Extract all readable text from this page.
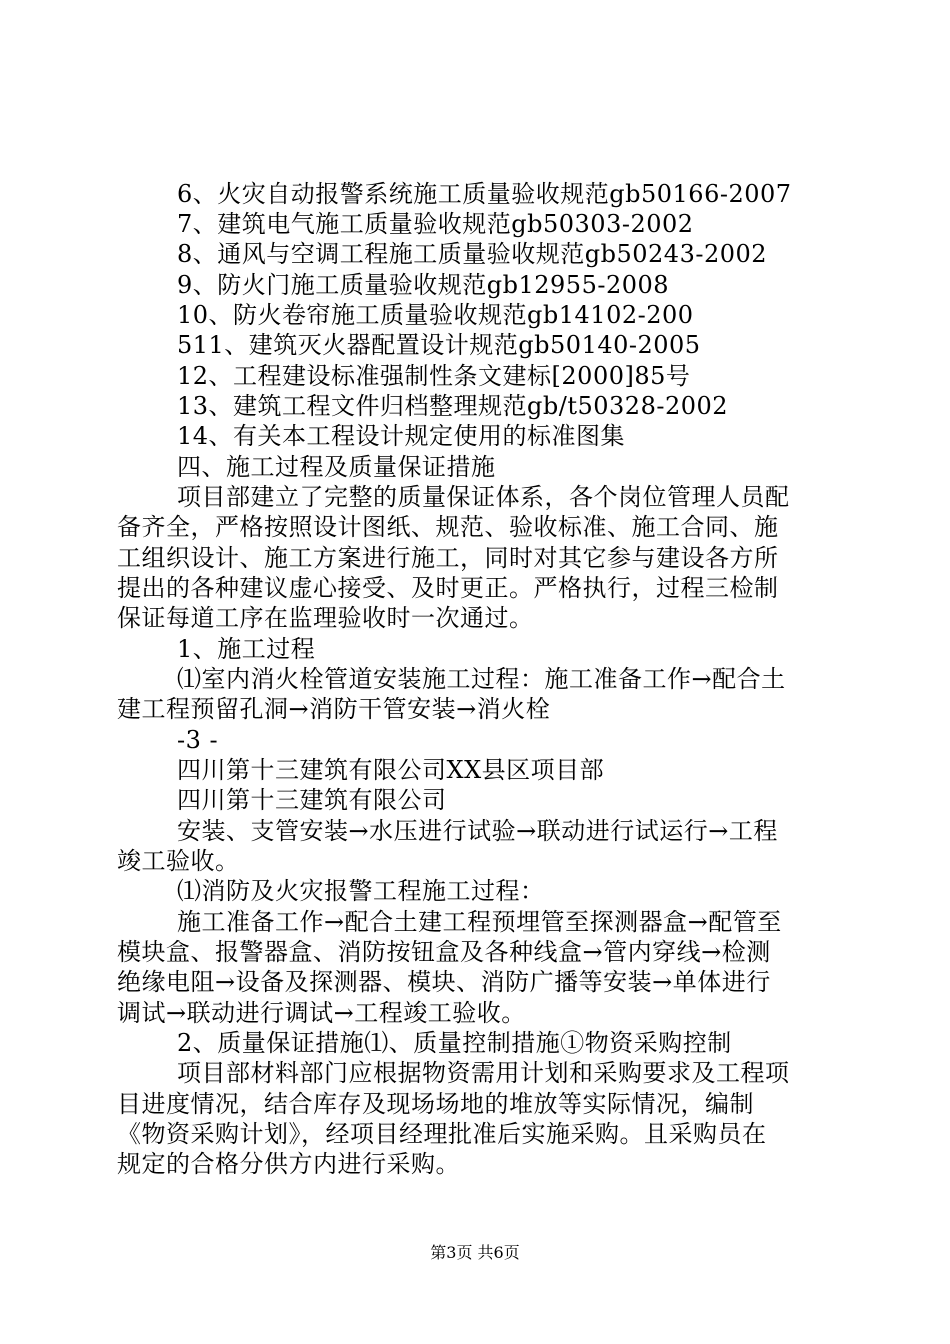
6、火灾自动报警系统施工质量验收规范gb50166-2007
7、建筑电气施工质量验收规范gb50303-2002
8、通风与空调工程施工质量验收规范gb50243-2002
9、防火门施工质量验收规范gb12955-2008
10、防火卷帘施工质量验收规范gb14102-200
511、建筑灭火器配置设计规范gb50140-2005
12、工程建设标准强制性条文建标[2000]85号
13、建筑工程文件归档整理规范gb/t50328-2002
14、有关本工程设计规定使用的标准图集
四、施工过程及质量保证措施
项目部建立了完整的质量保证体系，各个岗位管理人员配
备齐全，严格按照设计图纸、规范、验收标准、施工合同、施
工组织设计、施工方案进行施工，同时对其它参与建设各方所
提出的各种建议虚心接受、及时更正。严格执行，过程三检制
保证每道工序在监理验收时一次通过。
1、施工过程
⑴室内消火栓管道安装施工过程：施工准备工作→配合土
建工程预留孔洞→消防干管安装→消火栓
-3 -
四川第十三建筑有限公司XX县区项目部
四川第十三建筑有限公司
安装、支管安装→水压进行试验→联动进行试运行→工程
竣工验收。
⑴消防及火灾报警工程施工过程：
施工准备工作→配合土建工程预埋管至探测器盒→配管至
模块盒、报警器盒、消防按钮盒及各种线盒→管内穿线→检测
绝缘电阻→设备及探测器、模块、消防广播等安装→单体进行
调试→联动进行调试→工程竣工验收。
2、质量保证措施⑴、质量控制措施①物资采购控制
项目部材料部门应根据物资需用计划和采购要求及工程项
目进度情况，结合库存及现场场地的堆放等实际情况，编制
《物资采购计划》，经项目经理批准后实施采购。且采购员在
规定的合格分供方内进行采购。
第3页 共6页
